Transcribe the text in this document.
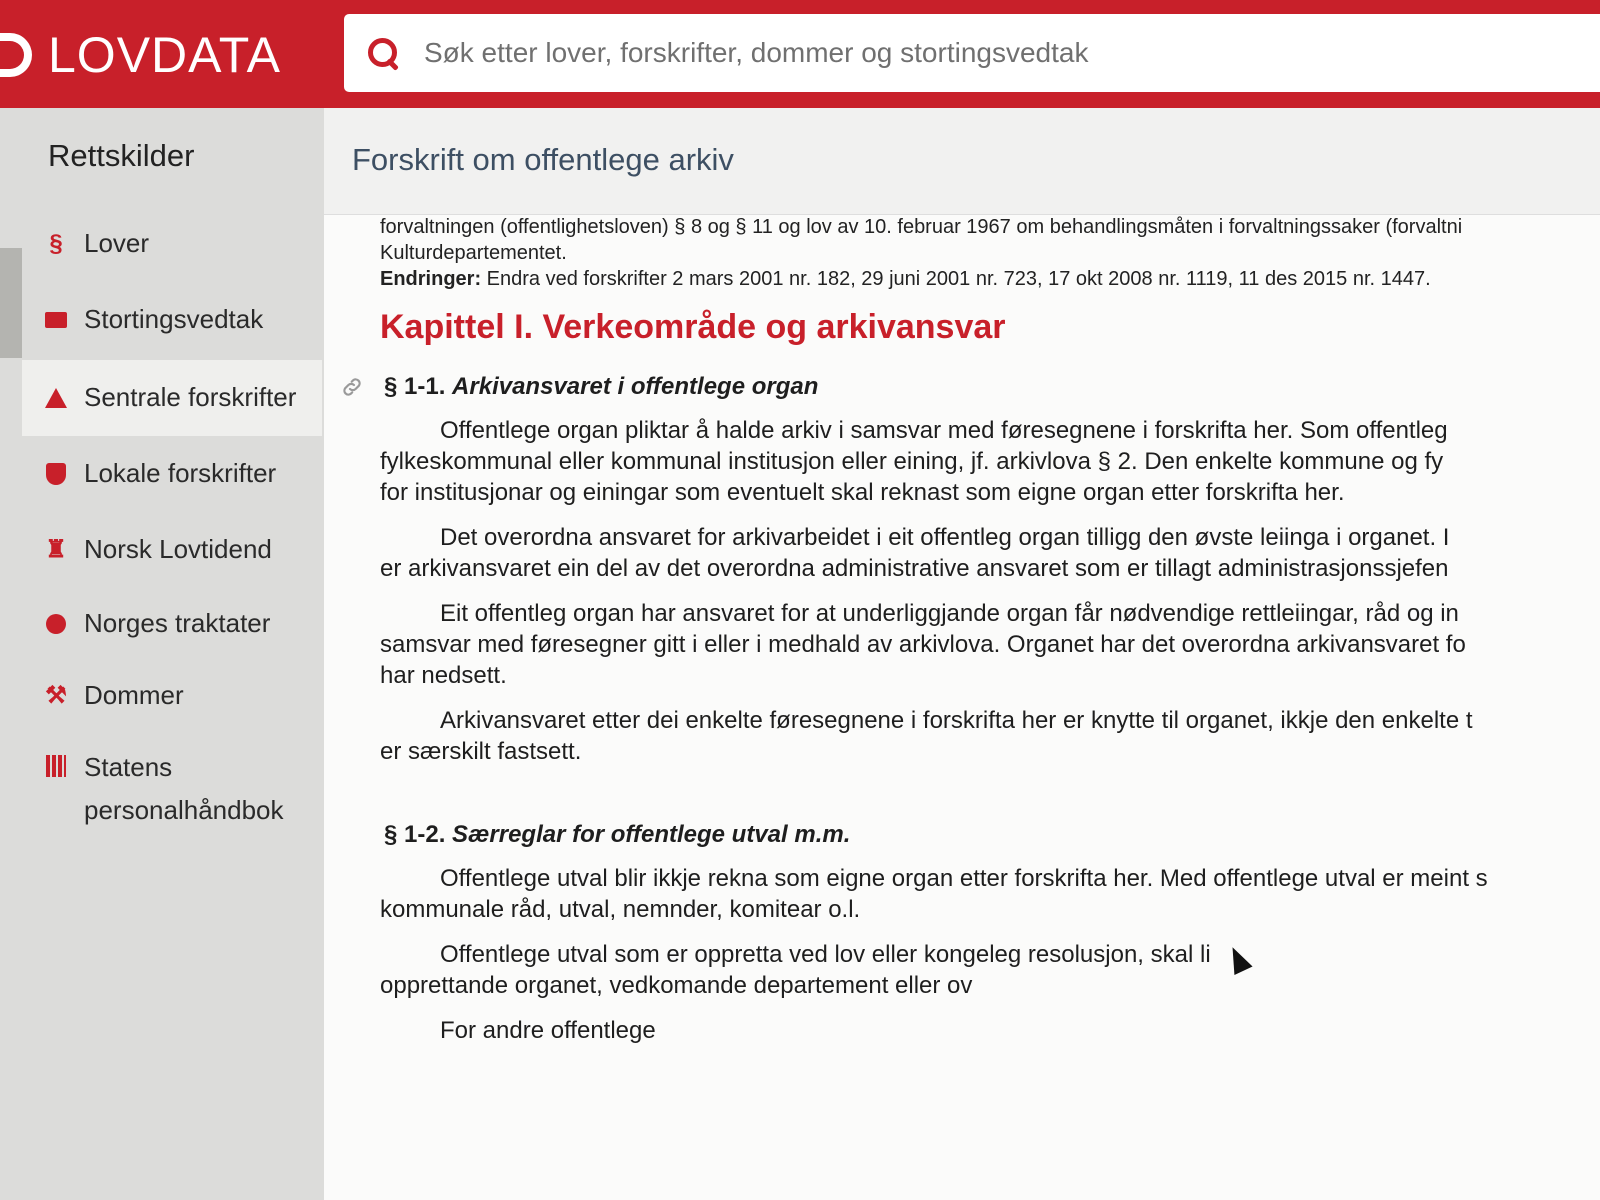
LOVDATA
Søk etter lover, forskrifter, dommer og stortingsvedtak
Rettskilder
§ Lover
Stortingsvedtak
Sentrale forskrifter
Lokale forskrifter
♜ Norsk Lovtidend
Norges traktater
⚒ Dommer
Statens personalhåndbok
Forskrift om offentlege arkiv
forvaltningen (offentlighetsloven) § 8 og § 11 og lov av 10. februar 1967 om behandlingsmåten i forvaltningssaker (forvaltni
Kulturdepartementet.
Endringer: Endra ved forskrifter 2 mars 2001 nr. 182, 29 juni 2001 nr. 723, 17 okt 2008 nr. 1119, 11 des 2015 nr. 1447.
Kapittel I. Verkeområde og arkivansvar
§ 1-1. Arkivansvaret i offentlege organ
Offentlege organ pliktar å halde arkiv i samsvar med føresegnene i forskrifta her. Som offentleg
fylkeskommunal eller kommunal institusjon eller eining, jf. arkivlova § 2. Den enkelte kommune og fy
for institusjonar og einingar som eventuelt skal reknast som eigne organ etter forskrifta her.
Det overordna ansvaret for arkivarbeidet i eit offentleg organ tilligg den øvste leiinga i organet. I
er arkivansvaret ein del av det overordna administrative ansvaret som er tillagt administrasjonssjefen
Eit offentleg organ har ansvaret for at underliggjande organ får nødvendige rettleiingar, råd og in
samsvar med føresegner gitt i eller i medhald av arkivlova. Organet har det overordna arkivansvaret fo
har nedsett.
Arkivansvaret etter dei enkelte føresegnene i forskrifta her er knytte til organet, ikkje den enkelte t
er særskilt fastsett.
§ 1-2. Særreglar for offentlege utval m.m.
Offentlege utval blir ikkje rekna som eigne organ etter forskrifta her. Med offentlege utval er meint s
kommunale råd, utval, nemnder, komitear o.l.
Offentlege utval som er oppretta ved lov eller kongeleg resolusjon, skal li
opprettande organet, vedkomande departement eller ov
For andre offentlege
